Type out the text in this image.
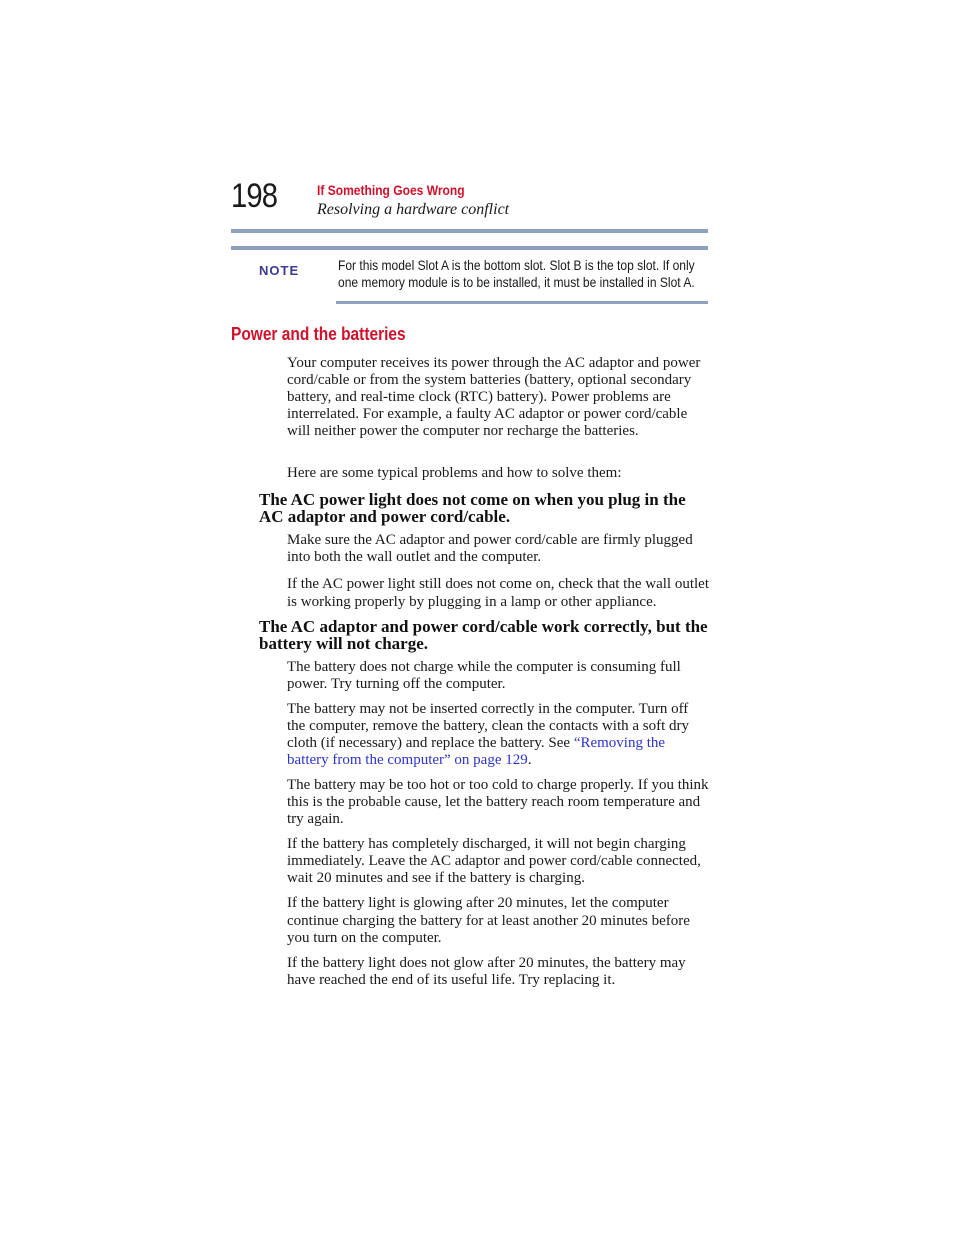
198	If Something Goes Wrong
Resolving a hardware conflict
NOTE	For this model Slot A is the bottom slot. Slot B is the top slot. If only one memory module is to be installed, it must be installed in Slot A.
Power and the batteries
Your computer receives its power through the AC adaptor and power cord/cable or from the system batteries (battery, optional secondary battery, and real-time clock (RTC) battery). Power problems are interrelated. For example, a faulty AC adaptor or power cord/cable will neither power the computer nor recharge the batteries.
Here are some typical problems and how to solve them:
The AC power light does not come on when you plug in the AC adaptor and power cord/cable.
Make sure the AC adaptor and power cord/cable are firmly plugged into both the wall outlet and the computer.
If the AC power light still does not come on, check that the wall outlet is working properly by plugging in a lamp or other appliance.
The AC adaptor and power cord/cable work correctly, but the battery will not charge.
The battery does not charge while the computer is consuming full power. Try turning off the computer.
The battery may not be inserted correctly in the computer. Turn off the computer, remove the battery, clean the contacts with a soft dry cloth (if necessary) and replace the battery. See “Removing the battery from the computer” on page 129.
The battery may be too hot or too cold to charge properly. If you think this is the probable cause, let the battery reach room temperature and try again.
If the battery has completely discharged, it will not begin charging immediately. Leave the AC adaptor and power cord/cable connected, wait 20 minutes and see if the battery is charging.
If the battery light is glowing after 20 minutes, let the computer continue charging the battery for at least another 20 minutes before you turn on the computer.
If the battery light does not glow after 20 minutes, the battery may have reached the end of its useful life. Try replacing it.
